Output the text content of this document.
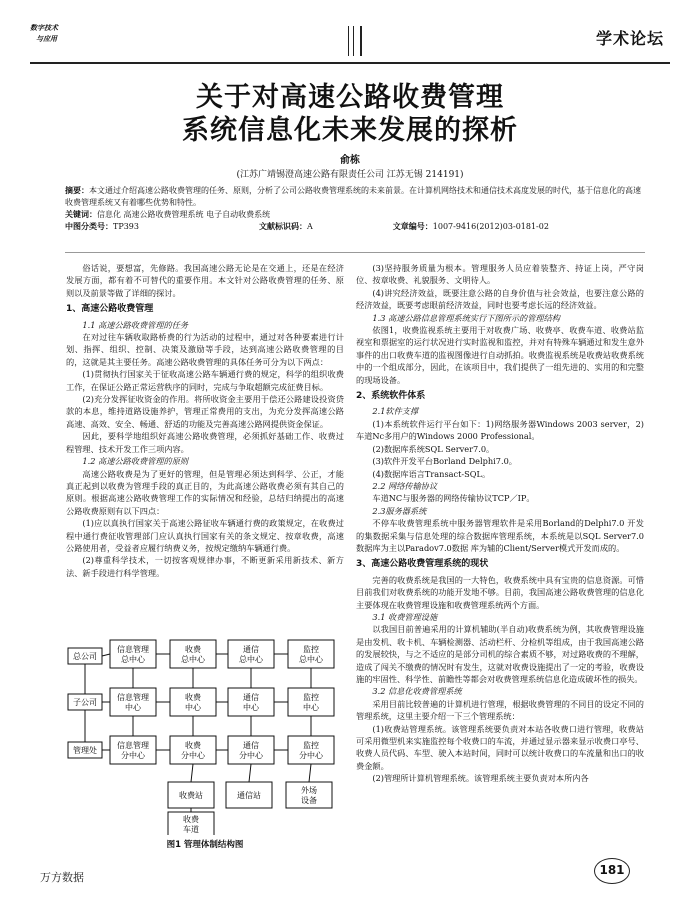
数字技术
与应用	学术论坛
关于对高速公路收费管理
系统信息化未来发展的探析
俞栋
(江苏广靖锡澄高速公路有限责任公司 江苏无锡 214191)
摘要：本文通过介绍高速公路收费管理的任务、原则，分析了公司公路收费管理系统的未来前景。在计算机网络技术和通信技术高度发展的时代，基于信息化的高速收费管理系统又有着哪些优势和特性。
关键词：信息化 高速公路收费管理系统 电子自动收费系统
中图分类号：TP393	文献标识码：A	文章编号：1007-9416(2012)03-0181-02
俗话说，要想富，先修路。我国高速公路无论是在交通上，还是在经济发展方面，都有着不可替代的重要作用。本文针对公路收费管理的任务、原则以及前景等做了详细的探讨。
1、高速公路收费管理
1.1 高速公路收费管理的任务
在对过往车辆收取路桥费的行为活动的过程中，通过对各种要素进行计划、指挥、组织、控制、决策及激励等手段，达到高速公路收费管理的目的，这就是其主要任务。高速公路收费管理的具体任务可分为以下两点：
(1)贯彻执行国家关于征收高速公路车辆通行费的规定，科学的组织收费工作，在保证公路正常运营秩序的同时，完成与争取超额完成征费目标。
(2)充分发挥征收资金的作用。将所收资金主要用于偿还公路建设投资贷款的本息，维持道路设施养护，管理正常费用的支出，为充分发挥高速公路高速、高效、安全、畅通、舒适的功能及完善高速公路网提供资金保证。
因此，要科学地组织好高速公路收费管理，必须抓好基础工作、收费过程管理、技术开发工作三项内容。
1.2 高速公路收费管理的原则
高速公路收费是为了更好的管理，但是管理必须达到科学、公正，才能真正起到以收费为管理手段的真正目的，为此高速公路收费必须有其自己的原则。根据高速公路收费管理工作的实际情况和经验，总结归纳提出的高速公路收费原则有以下四点：
(1)应以真执行国家关于高速公路征收车辆通行费的政策规定，在收费过程中通行费征收管理部门应认真执行国家有关的条文规定、按章收费，高速公路使用者，受益者应履行纳费义务，按规定缴纳车辆通行费。
(2)尊重科学技术，一切按客观规律办事，不断更新采用新技术、新方法、新手段进行科学管理。
(3)坚持服务质量为根本。管理服务人员应着装整齐、持证上岗，严守岗位、按章收费、礼貌服务、文明待人。
(4)讲究经济效益，既要注意公路的自身价值与社会效益，也要注意公路的经济效益，既要考虑眼前经济效益，同时也要考虑长远的经济效益。
1.3 高速公路信息管理系统实行下图所示的管理结构
依图1，收费监视系统主要用于对收费广场、收费亭、收费车道、收费站监视室和票据室的运行状况进行实时监视和监控，并对有特殊车辆通过和发生意外事件的出口收费车道的监视图像进行自动抓拍。收费监视系统是收费站收费系统中的一个组成部分，因此，在该项目中，我们提供了一组先进的、实用的和完整的现场设备。
2、系统软件体系
2.1软件支撑
(1)本系统软件运行平台如下：1)网络服务器Windows 2003 server，2)车道Nc多用户的Windows 2000 Professional。
(2)数据库系统SQL Server7.0。
(3)软件开发平台Borland Delphi7.0。
(4)数据库语言Transact-SQL。
2.2 网络传输协议
车道NC与服务器的网络传输协议TCP／IP。
2.3服务器系统
不停车收费管理系统中服务器管理软件是采用Borland的Delphi7.0 开发的集数据采集与信息处理的综合数据库管理系统，本系统是以SQL Server7.0 数据库为主以Paradov7.0数据 库为辅的Client/Server模式开发而成的。
3、高速公路收费管理系统的现状
完善的收费系统是我国的一大特色，收费系统中具有宝贵的信息资源。可惜目前我们对收费系统的功能开发地不够。目前，我国高速公路收费管理的信息化主要体现在收费管理设施和收费管理系统两个方面。
3.1 收费管理设施
以我国目前普遍采用的计算机辅助(半自动)收费系统为例，其收费管理设施是由发机、收卡机、车辆检测器、活动栏杆、分检机等组成，由于我国高速公路的发展较快，与之不适应的是部分司机的综合素质不够，对过路收费的不理解，造成了闯关不缴费的情况时有发生，这就对收费设施提出了一定的考验，收费设施的牢固性、科学性、前瞻性等都会对收费管理系统信息化造成破坏性的损失。
3.2 信息化收费管理系统
采用目前比较普遍的计算机进行管理，根据收费管理的不同目的设定不同的管理系统，这里主要介绍一下三个管理系统：
(1)收费站管理系统。该管理系统要负责对本站各收费口进行管理，收费站可采用微型机来实施监控每个收费口的车流，并通过显示器来显示收费口亭号、收费人员代码、车型、驶入本站时间，同时可以统计收费口的车流量和出口的收费金额。
(2)管理所计算机管理系统。该管理系统主要负责对本所内各
总公司
子公司
管理处
信息管理
总中心
收费
总中心
通信
总中心
监控
总中心
信息管理
中心
收费
中心
通信
中心
监控
中心
信息管理
分中心
收费
分中心
通信
分中心
监控
分中心
收费站	通信站
外场
设备
收费
车道
图1 管理体制结构图
万方数据
181
